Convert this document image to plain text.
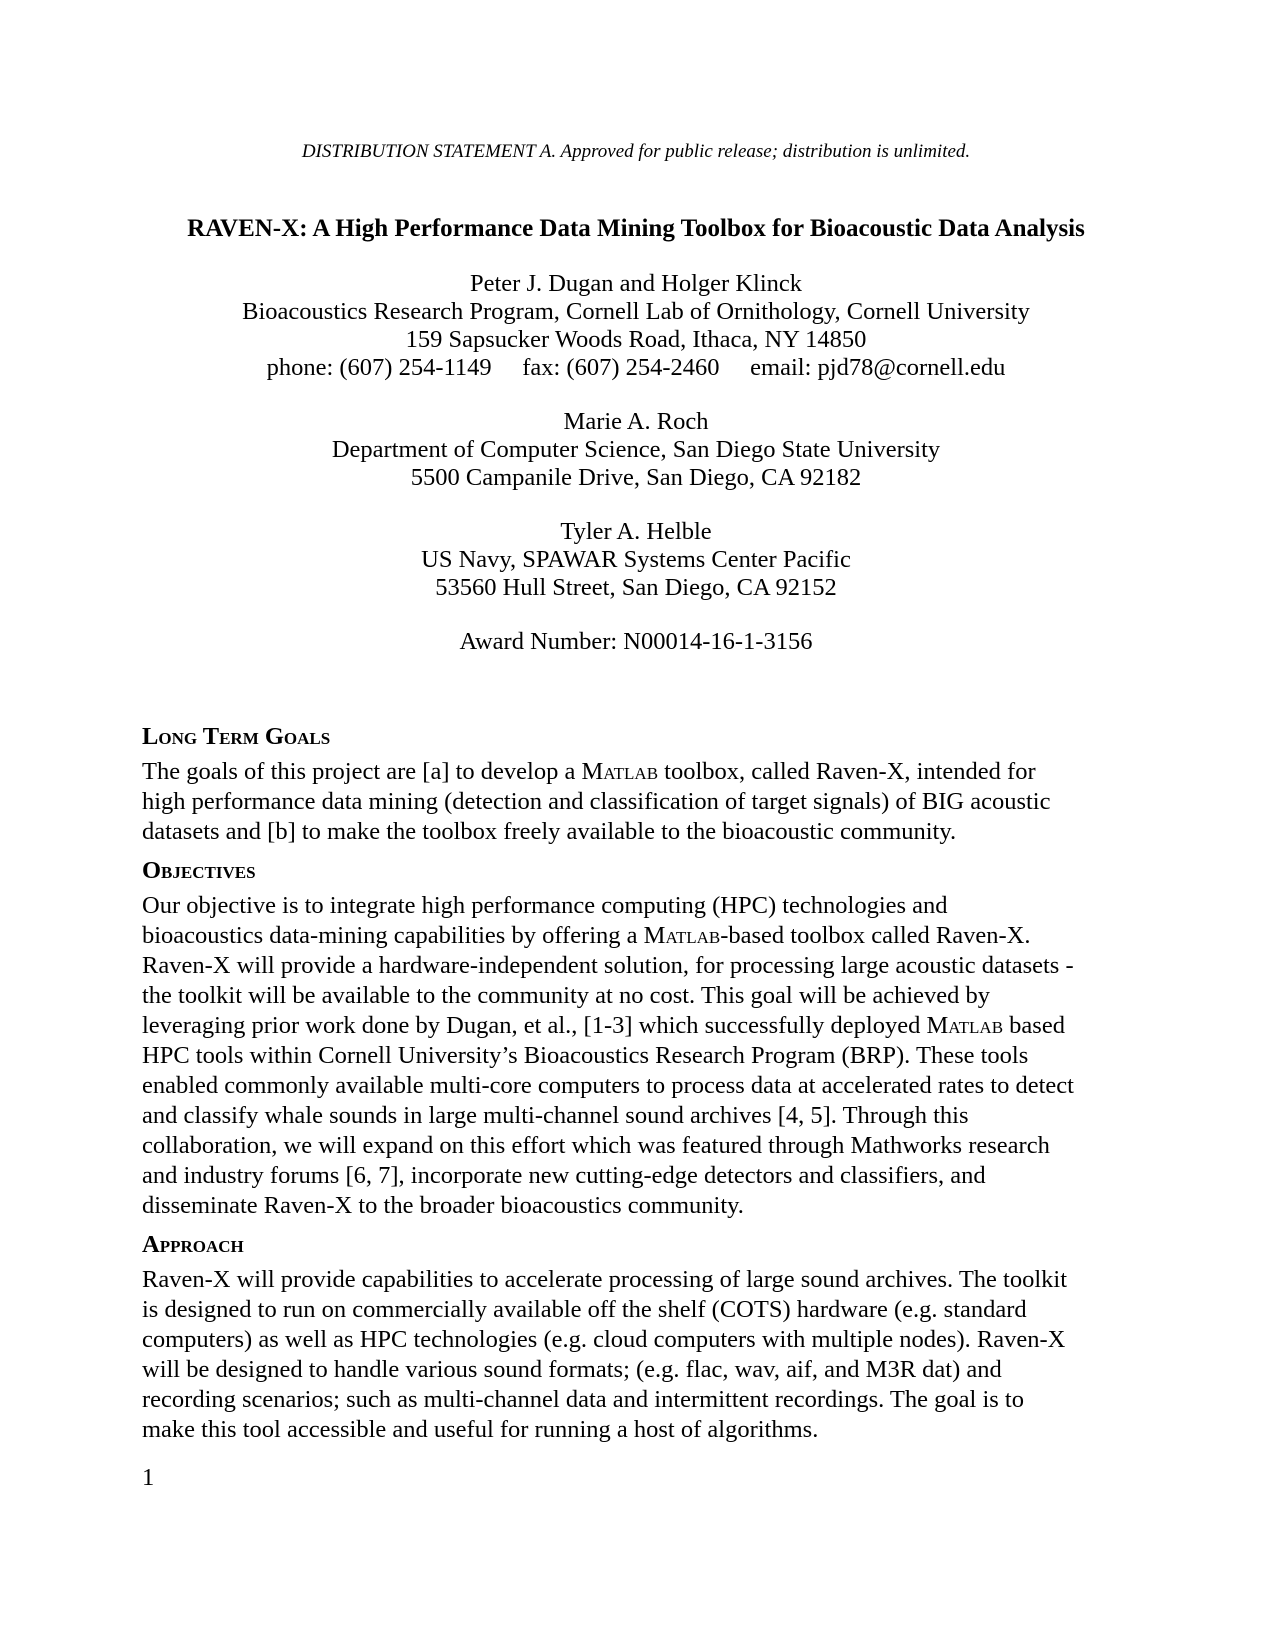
DISTRIBUTION STATEMENT A. Approved for public release; distribution is unlimited.

RAVEN-X: A High Performance Data Mining Toolbox for Bioacoustic Data Analysis

Peter J. Dugan and Holger Klinck

Bioacoustics Research Program, Cornell Lab of Ornithology, Cornell University

159 Sapsucker Woods Road, Ithaca, NY 14850

phone: (607) 254-1149     fax: (607) 254-2460     email: pjd78@cornell.edu

Marie A. Roch

Department of Computer Science, San Diego State University

5500 Campanile Drive, San Diego, CA 92182

Tyler A. Helble

US Navy, SPAWAR Systems Center Pacific

53560 Hull Street, San Diego, CA 92152

Award Number: N00014-16-1-3156

Long Term Goals

The goals of this project are [a] to develop a Matlab toolbox, called Raven-X, intended for high performance data mining (detection and classification of target signals) of BIG acoustic datasets and [b] to make the toolbox freely available to the bioacoustic community.

Objectives

Our objective is to integrate high performance computing (HPC) technologies and bioacoustics data-mining capabilities by offering a Matlab-based toolbox called Raven-X. Raven-X will provide a hardware-independent solution, for processing large acoustic datasets - the toolkit will be available to the community at no cost. This goal will be achieved by leveraging prior work done by Dugan, et al., [1-3] which successfully deployed Matlab based HPC tools within Cornell University’s Bioacoustics Research Program (BRP). These tools enabled commonly available multi-core computers to process data at accelerated rates to detect and classify whale sounds in large multi-channel sound archives [4, 5]. Through this collaboration, we will expand on this effort which was featured through Mathworks research and industry forums [6, 7], incorporate new cutting-edge detectors and classifiers, and disseminate Raven-X to the broader bioacoustics community.

Approach

Raven-X will provide capabilities to accelerate processing of large sound archives. The toolkit is designed to run on commercially available off the shelf (COTS) hardware (e.g. standard computers) as well as HPC technologies (e.g. cloud computers with multiple nodes). Raven-X will be designed to handle various sound formats; (e.g. flac, wav, aif, and M3R dat) and recording scenarios; such as multi-channel data and intermittent recordings. The goal is to make this tool accessible and useful for running a host of algorithms.

1
